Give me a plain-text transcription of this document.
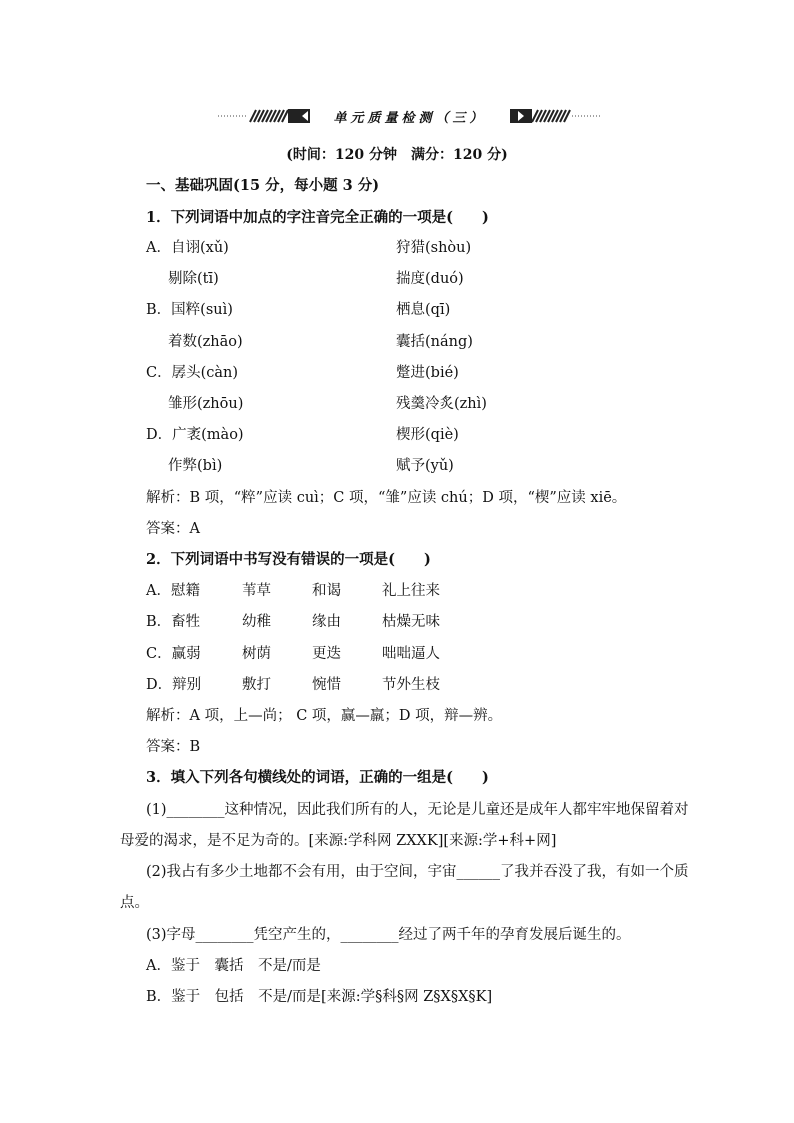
单元质量检测（三）
(时间：120 分钟　满分：120 分)
一、基础巩固(15 分，每小题 3 分)
1．下列词语中加点的字注音完全正确的一项是(　　)
A．自诩(xǔ)	狩猎(shòu)
剔除(tī)	揣度(duó)
B．国粹(suì)	栖息(qī)
着数(zhāo)	囊括(náng)
C．孱头(càn)	蹩进(bié)
雏形(zhōu)	残羹冷炙(zhì)
D．广袤(mào)	楔形(qiè)
作弊(bì)	赋予(yǔ)
解析：B 项，“粹”应读 cuì；C 项，“雏”应读 chú；D 项，“楔”应读 xiē。
答案：A
2．下列词语中书写没有错误的一项是(　　)
A．慰籍	苇草	和谒	礼上往来
B．畜牲	幼稚	缘由	枯燥无味
C．赢弱	树荫	更迭	咄咄逼人
D．辩别	敷打	惋惜	节外生枝
解析：A 项，上—尚； C 项，赢—羸；D 项，辩—辨。
答案：B
3．填入下列各句横线处的词语，正确的一组是(　　)
(1)________这种情况，因此我们所有的人，无论是儿童还是成年人都牢牢地保留着对
母爱的渴求，是不足为奇的。[来源:学科网 ZXXK][来源:学+科+网]
(2)我占有多少土地都不会有用，由于空间，宇宙______了我并吞没了我，有如一个质
点。
(3)字母________凭空产生的，________经过了两千年的孕育发展后诞生的。
A．鉴于　囊括　不是/而是
B．鉴于　包括　不是/而是[来源:学§科§网 Z§X§X§K]
